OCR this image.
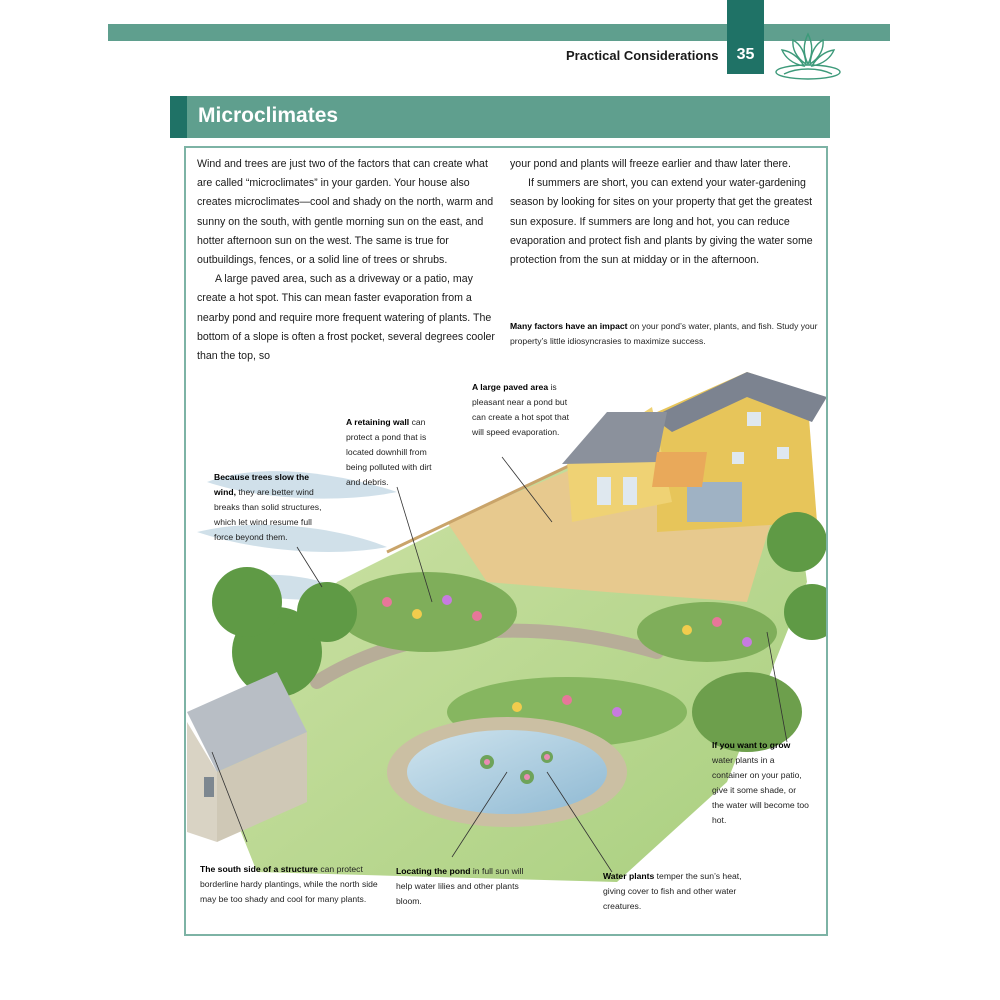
Practical Considerations	35
Microclimates

Wind and trees are just two of the factors that can create what are called “microclimates” in your garden. Your house also creates microclimates—cool and shady on the north, warm and sunny on the south, with gentle morning sun on the east, and hotter afternoon sun on the west. The same is true for outbuildings, fences, or a solid line of trees or shrubs.

A large paved area, such as a driveway or a patio, may create a hot spot. This can mean faster evaporation from a nearby pond and require more frequent watering of plants. The bottom of a slope is often a frost pocket, several degrees cooler than the top, so

your pond and plants will freeze earlier and thaw later there.

If summers are short, you can extend your water-gardening season by looking for sites on your property that get the greatest sun exposure. If summers are long and hot, you can reduce evaporation and protect fish and plants by giving the water some protection from the sun at midday or in the afternoon.

Many factors have an impact on your pond’s water, plants, and fish. Study your property’s little idiosyncrasies to maximize success.
A large paved area is pleasant near a pond but can create a hot spot that will speed evaporation.
A retaining wall can protect a pond that is located downhill from being polluted with dirt and debris.
Because trees slow the wind, they are better wind breaks than solid structures, which let wind resume full force beyond them.
If you want to grow water plants in a container on your patio, give it some shade, or the water will become too hot.
The south side of a structure can protect borderline hardy plantings, while the north side may be too shady and cool for many plants.
Locating the pond in full sun will help water lilies and other plants bloom.
Water plants temper the sun’s heat, giving cover to fish and other water creatures.
